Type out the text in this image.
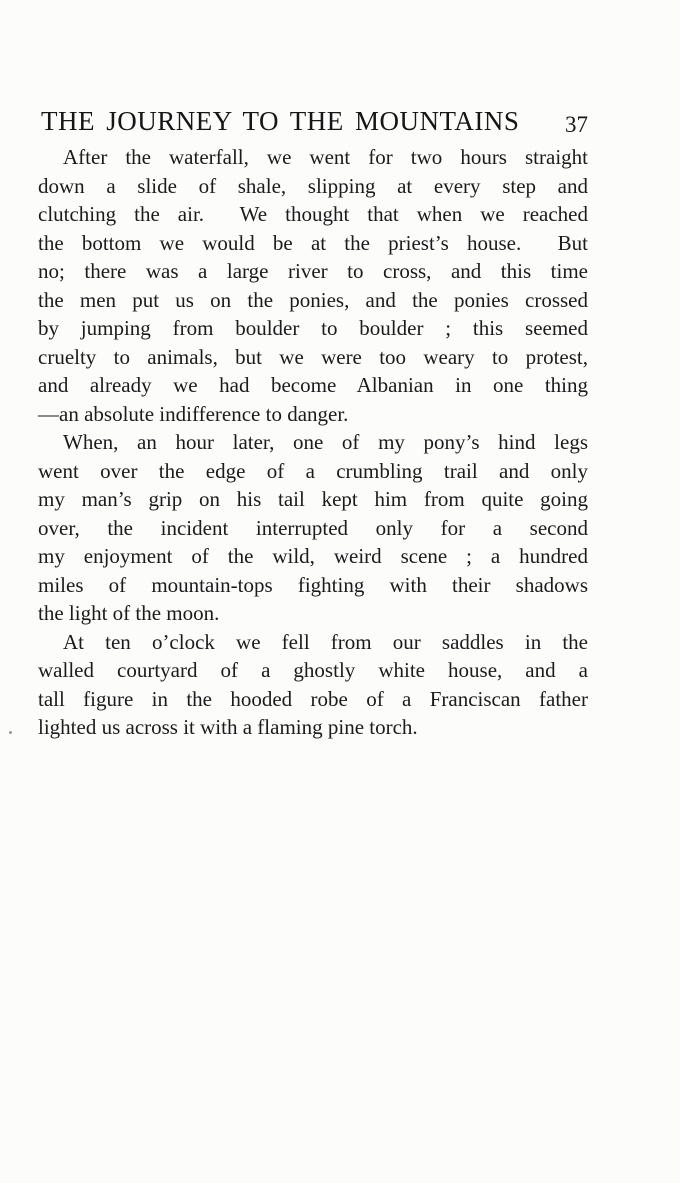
THE JOURNEY TO THE MOUNTAINS 37
After the waterfall, we went for two hours straight
down a slide of shale, slipping at every step and
clutching the air.  We thought that when we reached
the bottom we would be at the priest’s house.  But
no; there was a large river to cross, and this time
the men put us on the ponies, and the ponies crossed
by jumping from boulder to boulder ; this seemed
cruelty to animals, but we were too weary to protest,
and already we had become Albanian in one thing
—an absolute indifference to danger.
When, an hour later, one of my pony’s hind legs
went over the edge of a crumbling trail and only
my man’s grip on his tail kept him from quite going
over, the incident interrupted only for a second
my enjoyment of the wild, weird scene ; a hundred
miles of mountain-tops fighting with their shadows
the light of the moon.
At ten o’clock we fell from our saddles in the
walled courtyard of a ghostly white house, and a
tall figure in the hooded robe of a Franciscan father
lighted us across it with a flaming pine torch.
